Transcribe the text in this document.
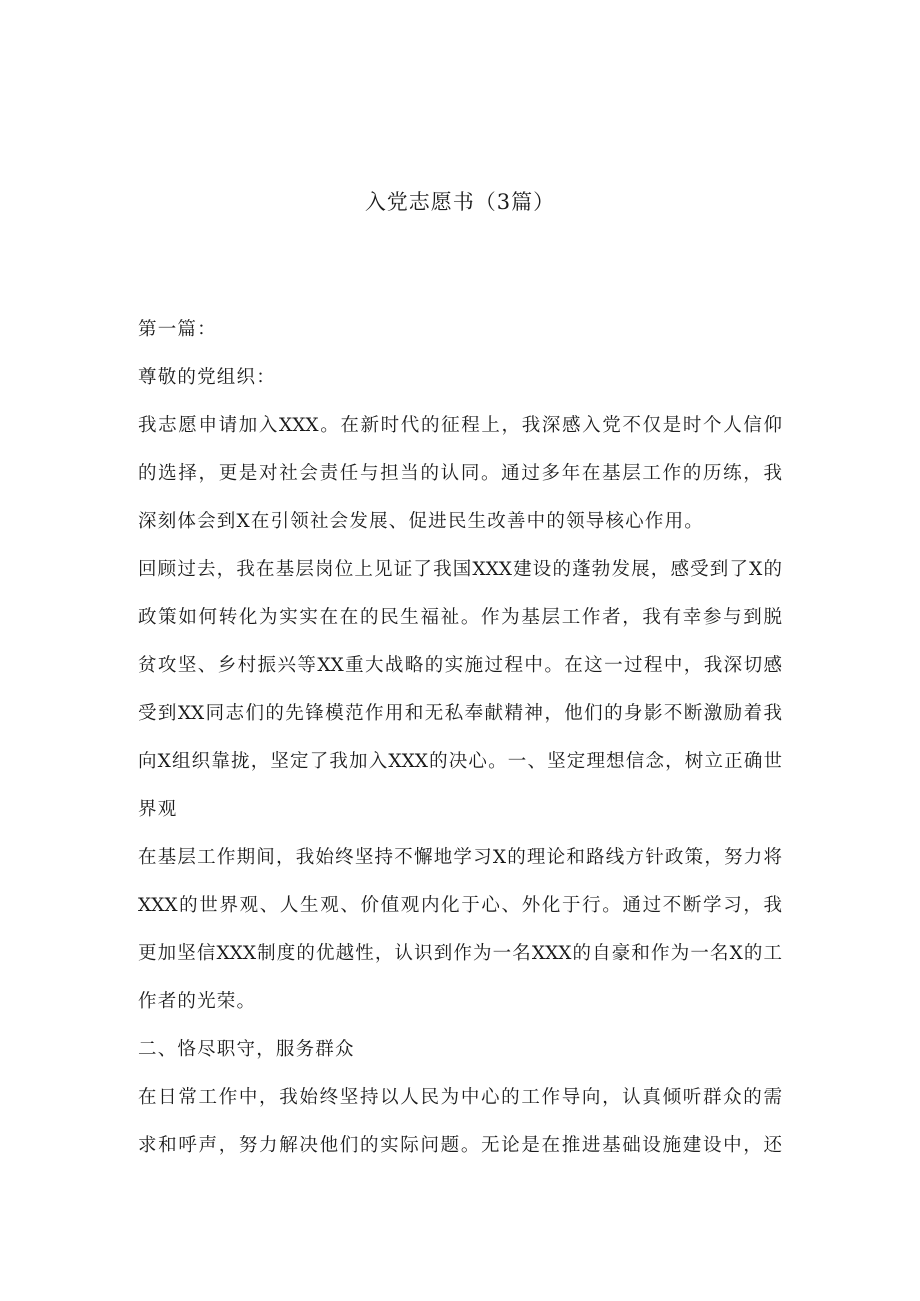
入党志愿书（3篇）
第一篇：
尊敬的党组织：
我志愿申请加入XXX。在新时代的征程上，我深感入党不仅是时个人信仰
的选择，更是对社会责任与担当的认同。通过多年在基层工作的历练，我
深刻体会到X在引领社会发展、促进民生改善中的领导核心作用。
回顾过去，我在基层岗位上见证了我国XXX建设的蓬勃发展，感受到了X的
政策如何转化为实实在在的民生福祉。作为基层工作者，我有幸参与到脱
贫攻坚、乡村振兴等XX重大战略的实施过程中。在这一过程中，我深切感
受到XX同志们的先锋模范作用和无私奉献精神，他们的身影不断激励着我
向X组织靠拢，坚定了我加入XXX的决心。一、坚定理想信念，树立正确世
界观
在基层工作期间，我始终坚持不懈地学习X的理论和路线方针政策，努力将
XXX的世界观、人生观、价值观内化于心、外化于行。通过不断学习，我
更加坚信XXX制度的优越性，认识到作为一名XXX的自豪和作为一名X的工
作者的光荣。
二、恪尽职守，服务群众
在日常工作中，我始终坚持以人民为中心的工作导向，认真倾听群众的需
求和呼声，努力解决他们的实际问题。无论是在推进基础设施建设中，还
